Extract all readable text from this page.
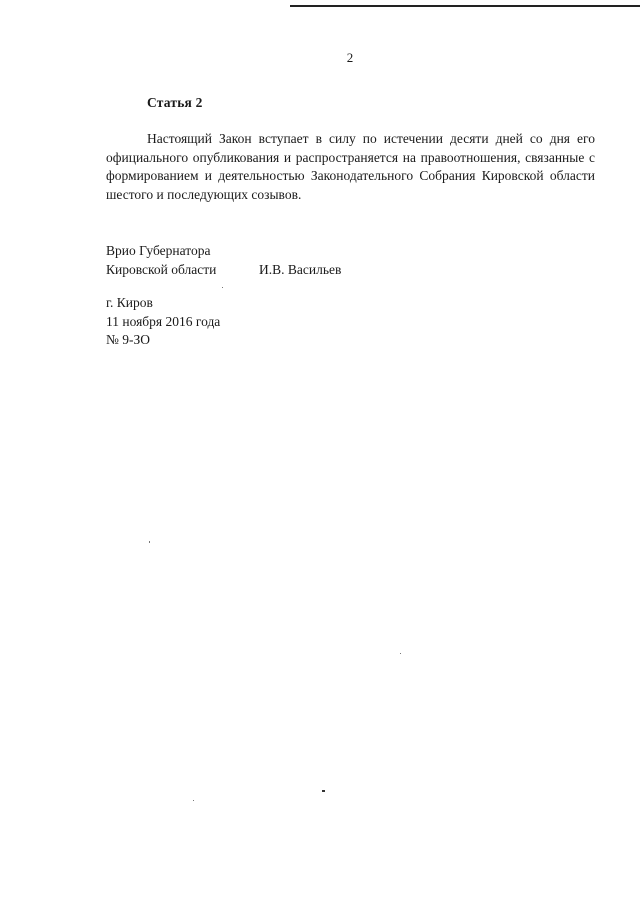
2
Статья 2

Настоящий Закон вступает в силу по истечении десяти дней со дня его официального опубликования и распространяется на правоотношения, связанные с формированием и деятельностью Законодательного Собрания Кировской области шестого и последующих созывов.

Врио Губернатора
Кировской области	И.В. Васильев
г. Киров
11 ноября 2016 года
№ 9-ЗО
